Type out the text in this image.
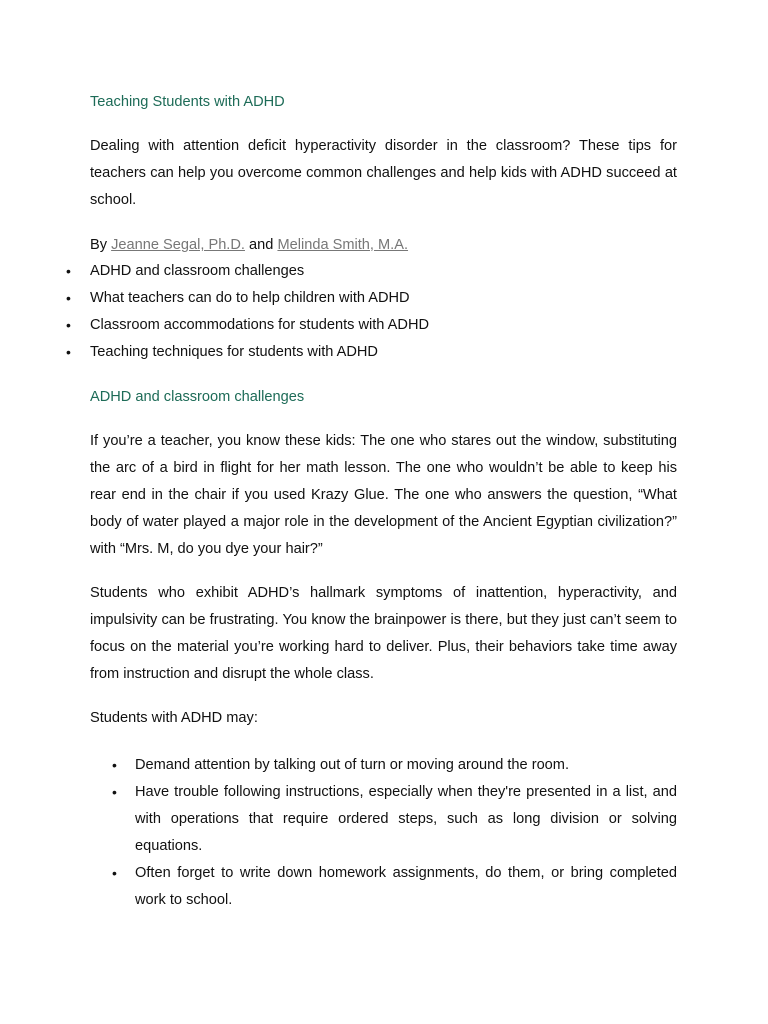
Teaching Students with ADHD

Dealing with attention deficit hyperactivity disorder in the classroom? These tips for teachers can help you overcome common challenges and help kids with ADHD succeed at school.

By Jeanne Segal, Ph.D. and Melinda Smith, M.A.

• ADHD and classroom challenges
• What teachers can do to help children with ADHD
• Classroom accommodations for students with ADHD
• Teaching techniques for students with ADHD
ADHD and classroom challenges

If you’re a teacher, you know these kids: The one who stares out the window, substituting the arc of a bird in flight for her math lesson. The one who wouldn’t be able to keep his rear end in the chair if you used Krazy Glue. The one who answers the question, “What body of water played a major role in the development of the Ancient Egyptian civilization?” with “Mrs. M, do you dye your hair?”

Students who exhibit ADHD’s hallmark symptoms of inattention, hyperactivity, and impulsivity can be frustrating. You know the brainpower is there, but they just can’t seem to focus on the material you’re working hard to deliver. Plus, their behaviors take time away from instruction and disrupt the whole class.

Students with ADHD may:

• Demand attention by talking out of turn or moving around the room.
• Have trouble following instructions, especially when they're presented in a list, and with operations that require ordered steps, such as long division or solving equations.
• Often forget to write down homework assignments, do them, or bring completed work to school.
